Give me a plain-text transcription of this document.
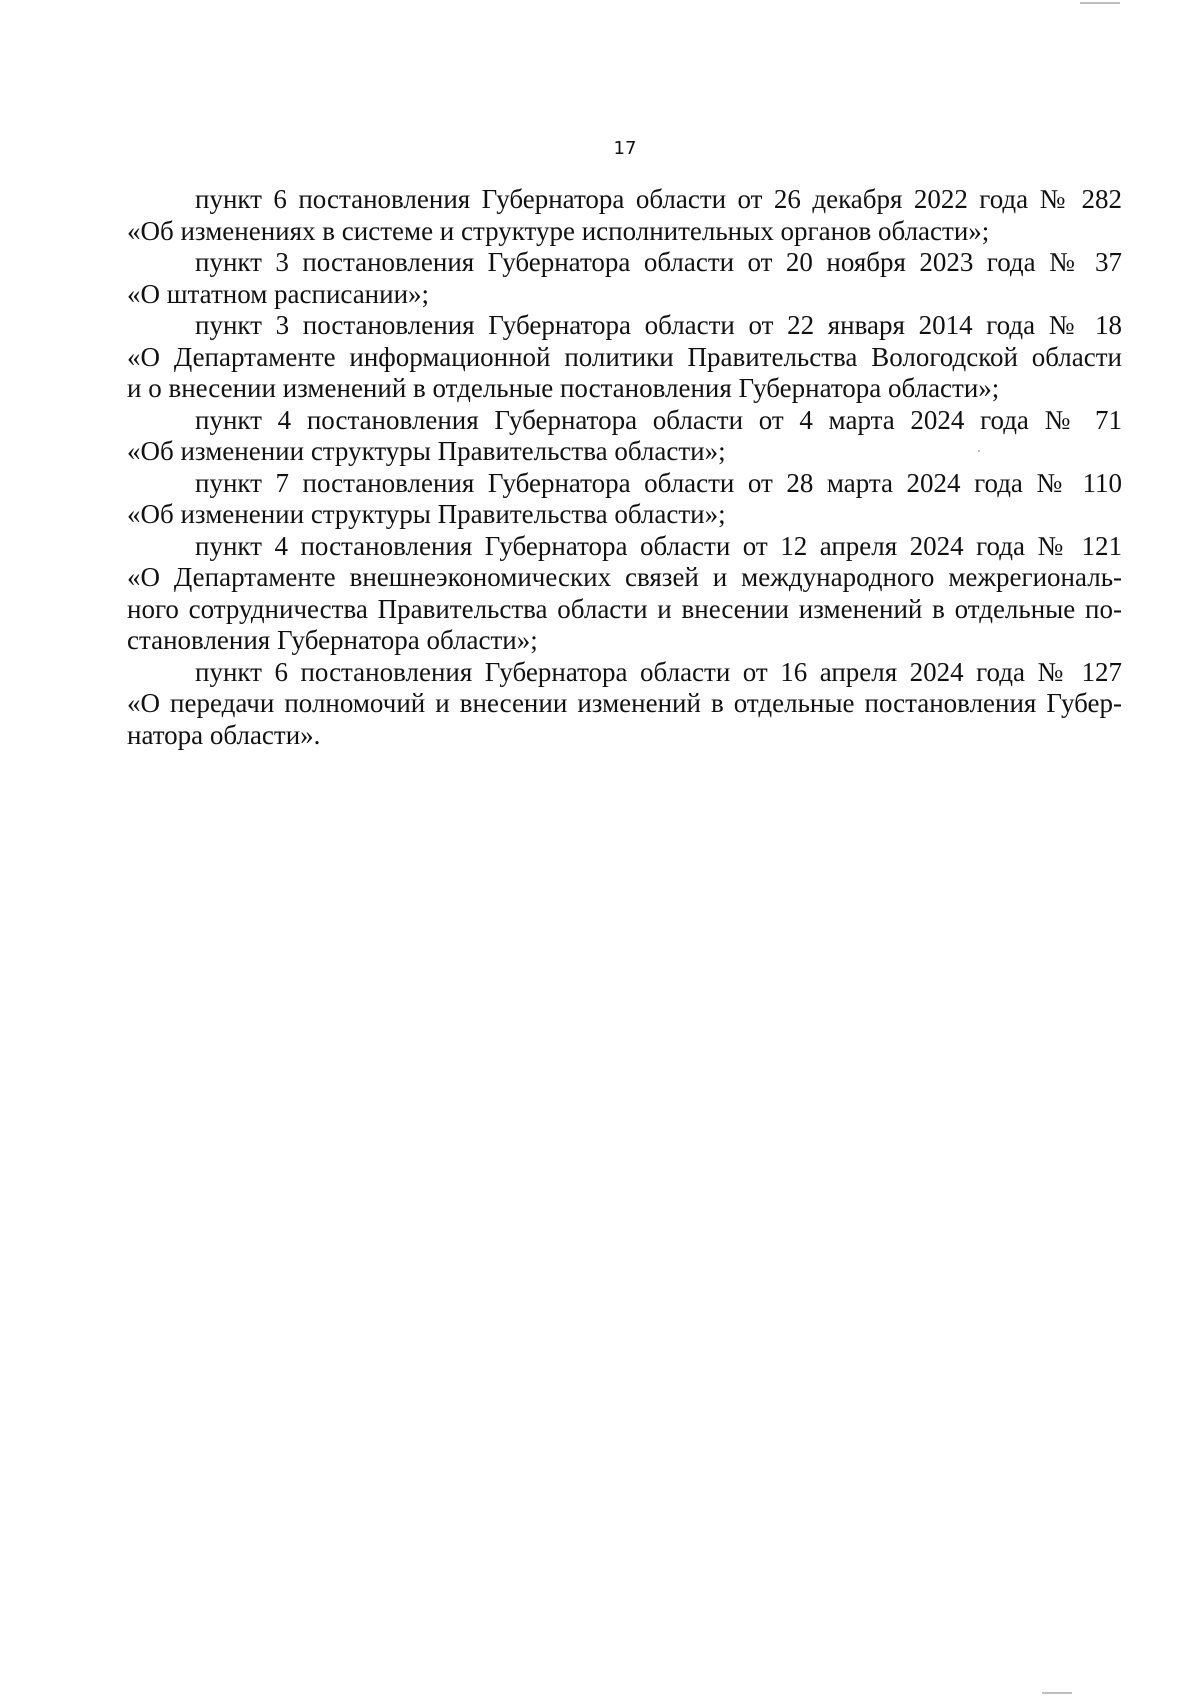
17
пункт 6 постановления Губернатора области от 26 декабря 2022 года № 282
«Об изменениях в системе и структуре исполнительных органов области»;
пункт 3 постановления Губернатора области от 20 ноября 2023 года № 37
«О штатном расписании»;
пункт 3 постановления Губернатора области от 22 января 2014 года № 18
«О Департаменте информационной политики Правительства Вологодской области
и о внесении изменений в отдельные постановления Губернатора области»;
пункт 4 постановления Губернатора области от 4 марта 2024 года № 71
«Об изменении структуры Правительства области»;
пункт 7 постановления Губернатора области от 28 марта 2024 года № 110
«Об изменении структуры Правительства области»;
пункт 4 постановления Губернатора области от 12 апреля 2024 года № 121
«О Департаменте внешнеэкономических связей и международного межрегиональ-
ного сотрудничества Правительства области и внесении изменений в отдельные по-
становления Губернатора области»;
пункт 6 постановления Губернатора области от 16 апреля 2024 года № 127
«О передачи полномочий и внесении изменений в отдельные постановления Губер-
натора области».
